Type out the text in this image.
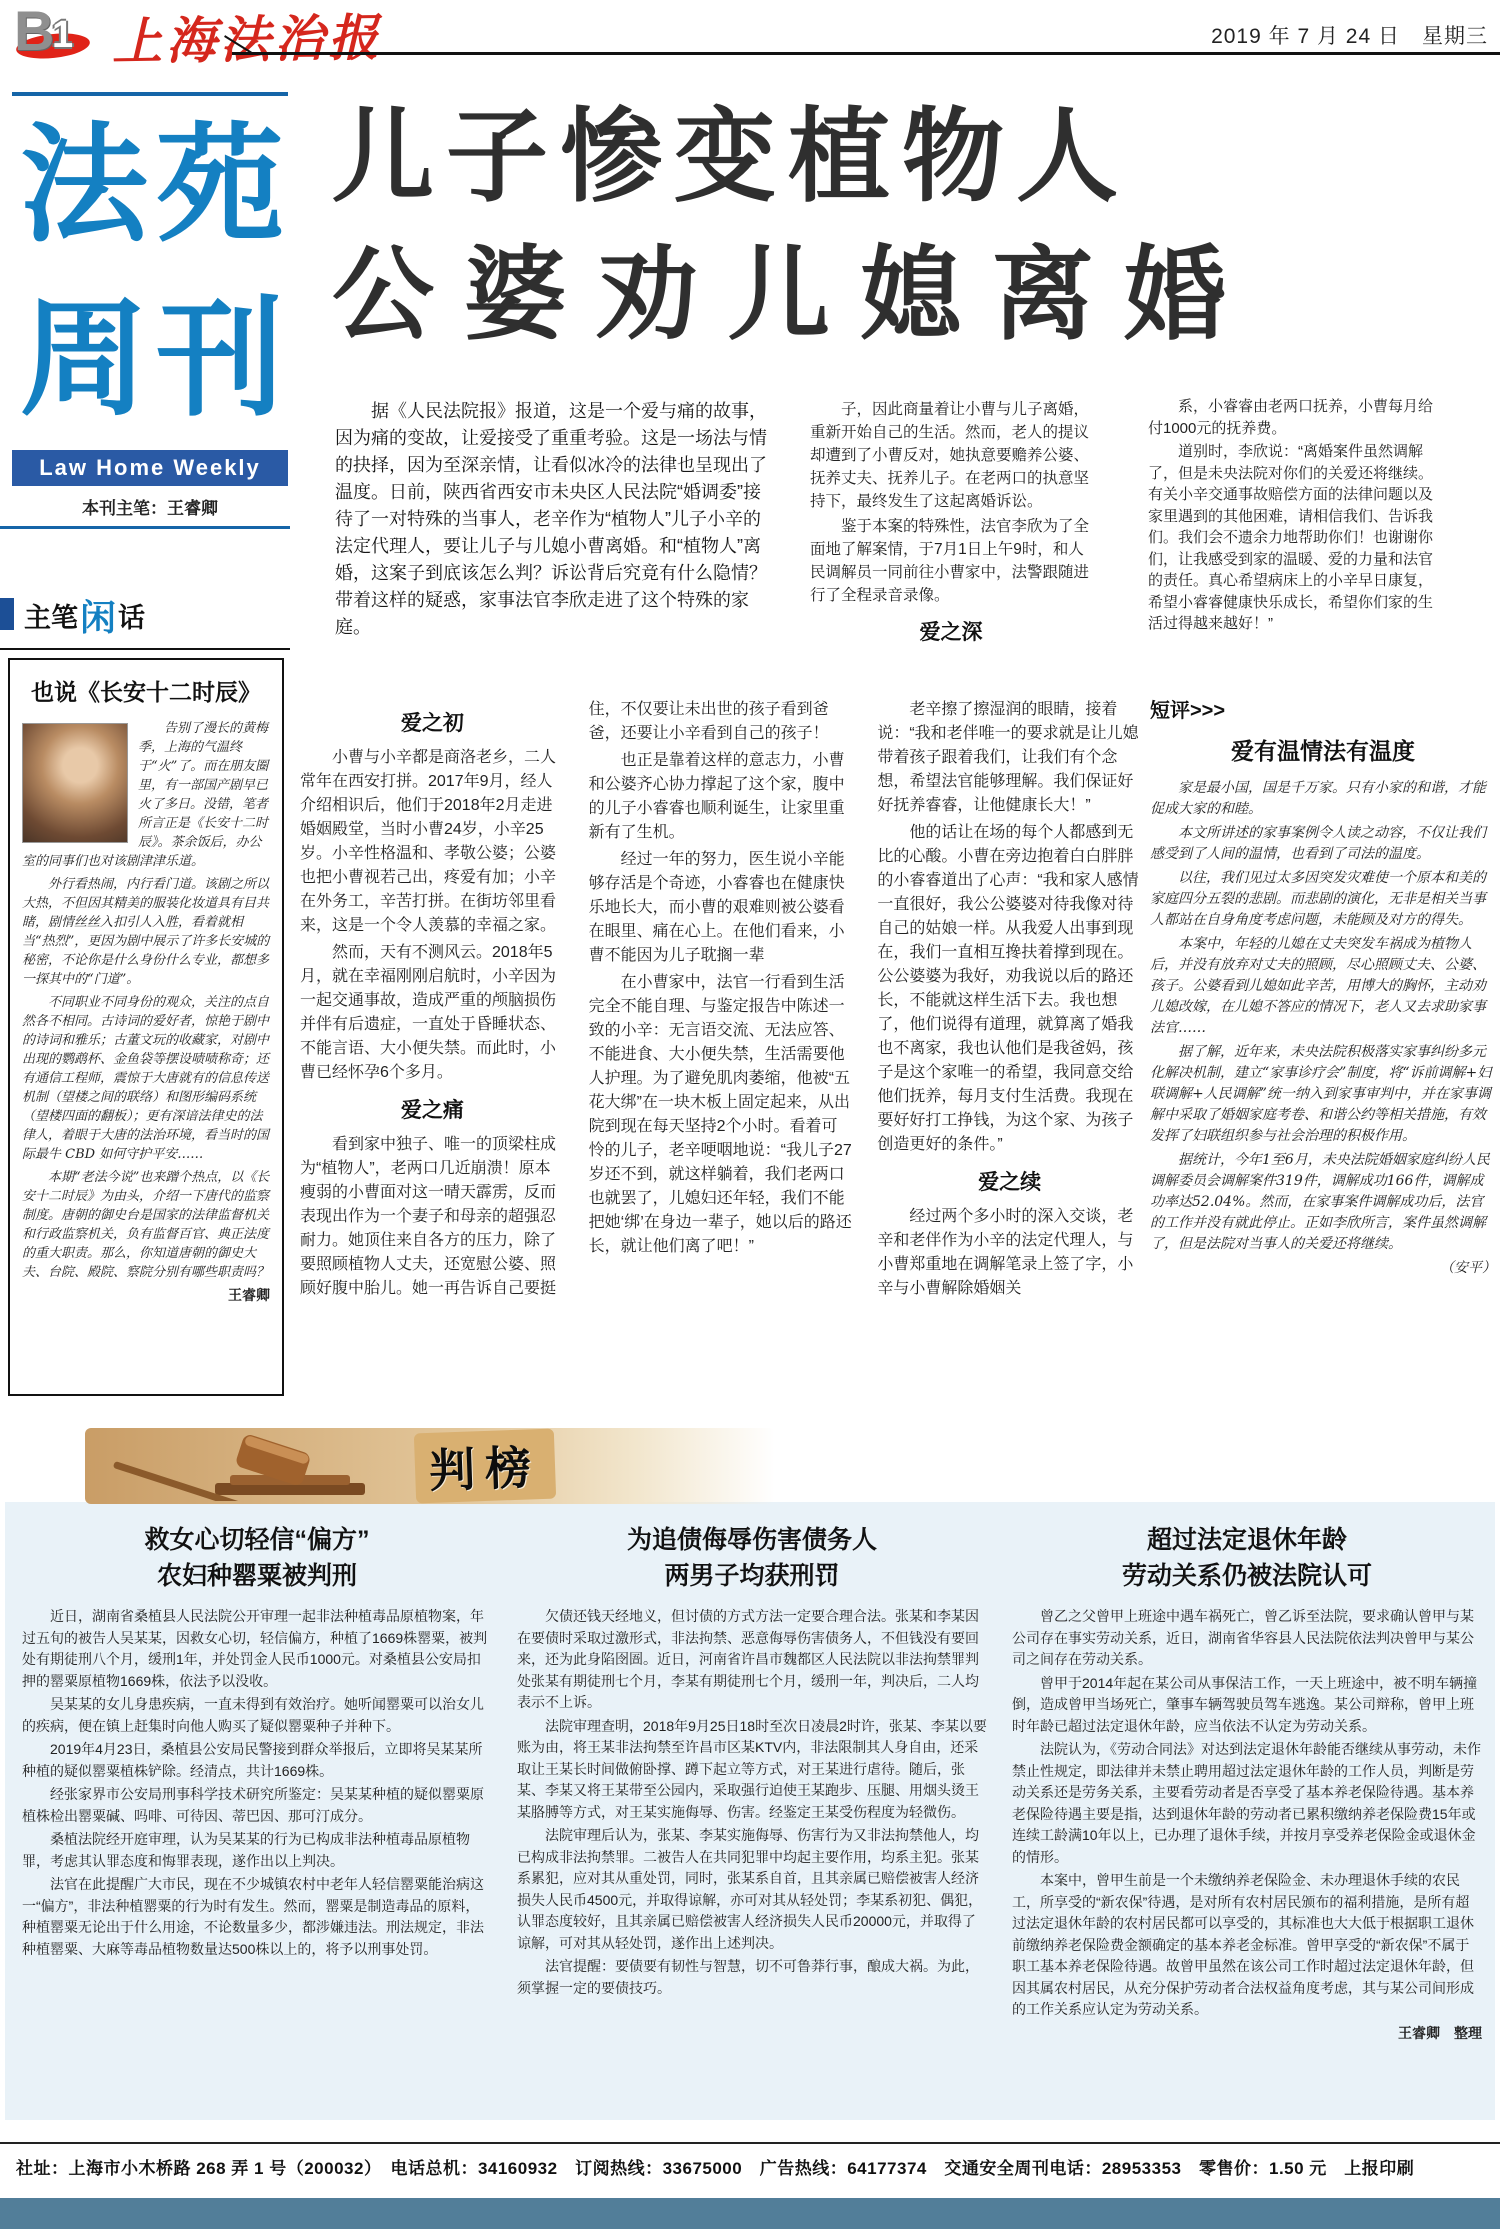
B
1 上海法治报	2019 年 7 月 24 日　星期三
法 苑
周 刊
Law Home Weekly
本刊主笔：王睿卿
主笔 闲 话
也说《长安十二时辰》

告别了漫长的黄梅季，上海的气温终于“火”了。而在朋友圈里，有一部国产剧早已火了多日。没错，笔者所言正是《长安十二时辰》。茶余饭后，办公室的同事们也对该剧津津乐道。

外行看热闹，内行看门道。该剧之所以大热，不但因其精美的服装化妆道具有目共睹，剧情丝丝入扣引人入胜，看着就相当“热烈”，更因为剧中展示了许多长安城的秘密，不论你是什么身份什么专业，都想多一探其中的“门道”。

不同职业不同身份的观众，关注的点自然各不相同。古诗词的爱好者，惊艳于剧中的诗词和雅乐；古董文玩的收藏家，对剧中出现的鹦鹉杯、金鱼袋等摆设啧啧称奇；还有通信工程师，震惊于大唐就有的信息传送机制（望楼之间的联络）和图形编码系统（望楼四面的翻板）；更有深谙法律史的法律人，着眼于大唐的法治环境，看当时的国际最牛 CBD 如何守护平安……

本期“老法今说”也来蹭个热点，以《长安十二时辰》为由头，介绍一下唐代的监察制度。唐朝的御史台是国家的法律监督机关和行政监察机关，负有监督百官、典正法度的重大职责。那么，你知道唐朝的御史大夫、台院、殿院、察院分别有哪些职责吗？

王睿卿

儿子惨变植物人
公婆劝儿媳离婚

据《人民法院报》报道，这是一个爱与痛的故事，因为痛的变故，让爱接受了重重考验。这是一场法与情的抉择，因为至深亲情，让看似冰冷的法律也呈现出了温度。日前，陕西省西安市未央区人民法院“婚调委”接待了一对特殊的当事人，老辛作为“植物人”儿子小辛的法定代理人，要让儿子与儿媳小曹离婚。和“植物人”离婚，这案子到底该怎么判？诉讼背后究竟有什么隐情？带着这样的疑惑，家事法官李欣走进了这个特殊的家庭。

子，因此商量着让小曹与儿子离婚，重新开始自己的生活。然而，老人的提议却遭到了小曹反对，她执意要赡养公婆、抚养丈夫、抚养儿子。在老两口的执意坚持下，最终发生了这起离婚诉讼。

鉴于本案的特殊性，法官李欣为了全面地了解案情，于7月1日上午9时，和人民调解员一同前往小曹家中，法警跟随进行了全程录音录像。

爱之深

系，小睿睿由老两口抚养，小曹每月给付1000元的抚养费。

道别时，李欣说：“离婚案件虽然调解了，但是未央法院对你们的关爱还将继续。有关小辛交通事故赔偿方面的法律问题以及家里遇到的其他困难，请相信我们、告诉我们。我们会不遗余力地帮助你们！也谢谢你们，让我感受到家的温暖、爱的力量和法官的责任。真心希望病床上的小辛早日康复，希望小睿睿健康快乐成长，希望你们家的生活过得越来越好！”

爱之初

小曹与小辛都是商洛老乡，二人常年在西安打拼。2017年9月，经人介绍相识后，他们于2018年2月走进婚姻殿堂，当时小曹24岁，小辛25岁。小辛性格温和、孝敬公婆；公婆也把小曹视若己出，疼爱有加；小辛在外务工，辛苦打拼。在街坊邻里看来，这是一个令人羡慕的幸福之家。

然而，天有不测风云。2018年5月，就在幸福刚刚启航时，小辛因为一起交通事故，造成严重的颅脑损伤并伴有后遗症，一直处于昏睡状态、不能言语、大小便失禁。而此时，小曹已经怀孕6个多月。

爱之痛

看到家中独子、唯一的顶梁柱成为“植物人”，老两口几近崩溃！原本瘦弱的小曹面对这一晴天霹雳，反而表现出作为一个妻子和母亲的超强忍耐力。她顶住来自各方的压力，除了要照顾植物人丈夫，还宽慰公婆、照顾好腹中胎儿。她一再告诉自己要挺住，不仅要让未出世的孩子看到爸爸，还要让小辛看到自己的孩子！

也正是靠着这样的意志力，小曹和公婆齐心协力撑起了这个家，腹中的儿子小睿睿也顺利诞生，让家里重新有了生机。

经过一年的努力，医生说小辛能够存活是个奇迹，小睿睿也在健康快乐地长大，而小曹的艰难则被公婆看在眼里、痛在心上。在他们看来，小曹不能因为儿子耽搁一辈

在小曹家中，法官一行看到生活完全不能自理、与鉴定报告中陈述一致的小辛：无言语交流、无法应答、不能进食、大小便失禁，生活需要他人护理。为了避免肌肉萎缩，他被“五花大绑”在一块木板上固定起来，从出院到现在每天坚持2个小时。看着可怜的儿子，老辛哽咽地说：“我儿子27岁还不到，就这样躺着，我们老两口也就罢了，儿媳妇还年轻，我们不能把她‘绑’在身边一辈子，她以后的路还长，就让他们离了吧！”

老辛擦了擦湿润的眼睛，接着说：“我和老伴唯一的要求就是让儿媳带着孩子跟着我们，让我们有个念想，希望法官能够理解。我们保证好好抚养睿睿，让他健康长大！”

他的话让在场的每个人都感到无比的心酸。小曹在旁边抱着白白胖胖的小睿睿道出了心声：“我和家人感情一直很好，我公公婆婆对待我像对待自己的姑娘一样。从我爱人出事到现在，我们一直相互搀扶着撑到现在。公公婆婆为我好，劝我说以后的路还长，不能就这样生活下去。我也想了，他们说得有道理，就算离了婚我也不离家，我也认他们是我爸妈，孩子是这个家唯一的希望，我同意交给他们抚养，每月支付生活费。我现在要好好打工挣钱，为这个家、为孩子创造更好的条件。”

爱之续

经过两个多小时的深入交谈，老辛和老伴作为小辛的法定代理人，与小曹郑重地在调解笔录上签了字，小辛与小曹解除婚姻关

短评>>>
爱有温情法有温度

家是最小国，国是千万家。只有小家的和谐，才能促成大家的和睦。

本文所讲述的家事案例令人读之动容，不仅让我们感受到了人间的温情，也看到了司法的温度。

以往，我们见过太多因突发灾难使一个原本和美的家庭四分五裂的悲剧。而悲剧的演化，无非是相关当事人都站在自身角度考虑问题，未能顾及对方的得失。

本案中，年轻的儿媳在丈夫突发车祸成为植物人后，并没有放弃对丈夫的照顾，尽心照顾丈夫、公婆、孩子。公婆看到儿媳如此辛苦，用博大的胸怀，主动劝儿媳改嫁，在儿媳不答应的情况下，老人又去求助家事法官……

据了解，近年来，未央法院积极落实家事纠纷多元化解决机制，建立“家事诊疗会”制度，将“诉前调解+妇联调解+人民调解”统一纳入到家事审判中，并在家事调解中采取了婚姻家庭考卷、和谐公约等相关措施，有效发挥了妇联组织参与社会治理的积极作用。

据统计，今年1至6月，未央法院婚姻家庭纠纷人民调解委员会调解案件319件，调解成功166件，调解成功率达52.04%。然而，在家事案件调解成功后，法官的工作并没有就此停止。正如李欣所言，案件虽然调解了，但是法院对当事人的关爱还将继续。

（安平）

判榜
救女心切轻信“偏方”
农妇种罂粟被判刑

近日，湖南省桑植县人民法院公开审理一起非法种植毒品原植物案，年过五旬的被告人吴某某，因救女心切，轻信偏方，种植了1669株罂粟，被判处有期徒刑八个月，缓刑1年，并处罚金人民币1000元。对桑植县公安局扣押的罂粟原植物1669株，依法予以没收。

吴某某的女儿身患疾病，一直未得到有效治疗。她听闻罂粟可以治女儿的疾病，便在镇上赶集时向他人购买了疑似罂粟种子并种下。

2019年4月23日，桑植县公安局民警接到群众举报后，立即将吴某某所种植的疑似罂粟植株铲除。经清点，共计1669株。

经张家界市公安局刑事科学技术研究所鉴定：吴某某种植的疑似罂粟原植株检出罂粟碱、吗啡、可待因、蒂巴因、那可汀成分。

桑植法院经开庭审理，认为吴某某的行为已构成非法种植毒品原植物罪，考虑其认罪态度和悔罪表现，遂作出以上判决。

法官在此提醒广大市民，现在不少城镇农村中老年人轻信罂粟能治病这一“偏方”，非法种植罂粟的行为时有发生。然而，罂粟是制造毒品的原料，种植罂粟无论出于什么用途，不论数量多少，都涉嫌违法。刑法规定，非法种植罂粟、大麻等毒品植物数量达500株以上的，将予以刑事处罚。

为追债侮辱伤害债务人
两男子均获刑罚

欠债还钱天经地义，但讨债的方式方法一定要合理合法。张某和李某因在要债时采取过激形式，非法拘禁、恶意侮辱伤害债务人，不但钱没有要回来，还为此身陷囹圄。近日，河南省许昌市魏都区人民法院以非法拘禁罪判处张某有期徒刑七个月，李某有期徒刑七个月，缓刑一年，判决后，二人均表示不上诉。

法院审理查明，2018年9月25日18时至次日凌晨2时许，张某、李某以要账为由，将王某非法拘禁至许昌市区某KTV内，非法限制其人身自由，还采取让王某长时间做俯卧撑、蹲下起立等方式，对王某进行虐待。随后，张某、李某又将王某带至公园内，采取强行迫使王某跑步、压腿、用烟头烫王某胳膊等方式，对王某实施侮辱、伤害。经鉴定王某受伤程度为轻微伤。

法院审理后认为，张某、李某实施侮辱、伤害行为又非法拘禁他人，均已构成非法拘禁罪。二被告人在共同犯罪中均起主要作用，均系主犯。张某系累犯，应对其从重处罚，同时，张某系自首，且其亲属已赔偿被害人经济损失人民币4500元，并取得谅解，亦可对其从轻处罚；李某系初犯、偶犯，认罪态度较好，且其亲属已赔偿被害人经济损失人民币20000元，并取得了谅解，可对其从轻处罚，遂作出上述判决。

法官提醒：要债要有韧性与智慧，切不可鲁莽行事，酿成大祸。为此，须掌握一定的要债技巧。

超过法定退休年龄
劳动关系仍被法院认可

曾乙之父曾甲上班途中遇车祸死亡，曾乙诉至法院，要求确认曾甲与某公司存在事实劳动关系，近日，湖南省华容县人民法院依法判决曾甲与某公司之间存在劳动关系。

曾甲于2014年起在某公司从事保洁工作，一天上班途中，被不明车辆撞倒，造成曾甲当场死亡，肇事车辆驾驶员驾车逃逸。某公司辩称，曾甲上班时年龄已超过法定退休年龄，应当依法不认定为劳动关系。

法院认为，《劳动合同法》对达到法定退休年龄能否继续从事劳动，未作禁止性规定，即法律并未禁止聘用超过法定退休年龄的工作人员，判断是劳动关系还是劳务关系，主要看劳动者是否享受了基本养老保险待遇。基本养老保险待遇主要是指，达到退休年龄的劳动者已累积缴纳养老保险费15年或连续工龄满10年以上，已办理了退休手续，并按月享受养老保险金或退休金的情形。

本案中，曾甲生前是一个未缴纳养老保险金、未办理退休手续的农民工，所享受的“新农保”待遇，是对所有农村居民颁布的福利措施，是所有超过法定退休年龄的农村居民都可以享受的，其标准也大大低于根据职工退休前缴纳养老保险费金额确定的基本养老金标准。曾甲享受的“新农保”不属于职工基本养老保险待遇。故曾甲虽然在该公司工作时超过法定退休年龄，但因其属农村居民，从充分保护劳动者合法权益角度考虑，其与某公司间形成的工作关系应认定为劳动关系。

王睿卿　整理

社址：上海市小木桥路 268 弄 1 号（200032）　电话总机：34160932　订阅热线：33675000　广告热线：64177374　交通安全周刊电话：28953353　零售价：1.50 元　上报印刷
